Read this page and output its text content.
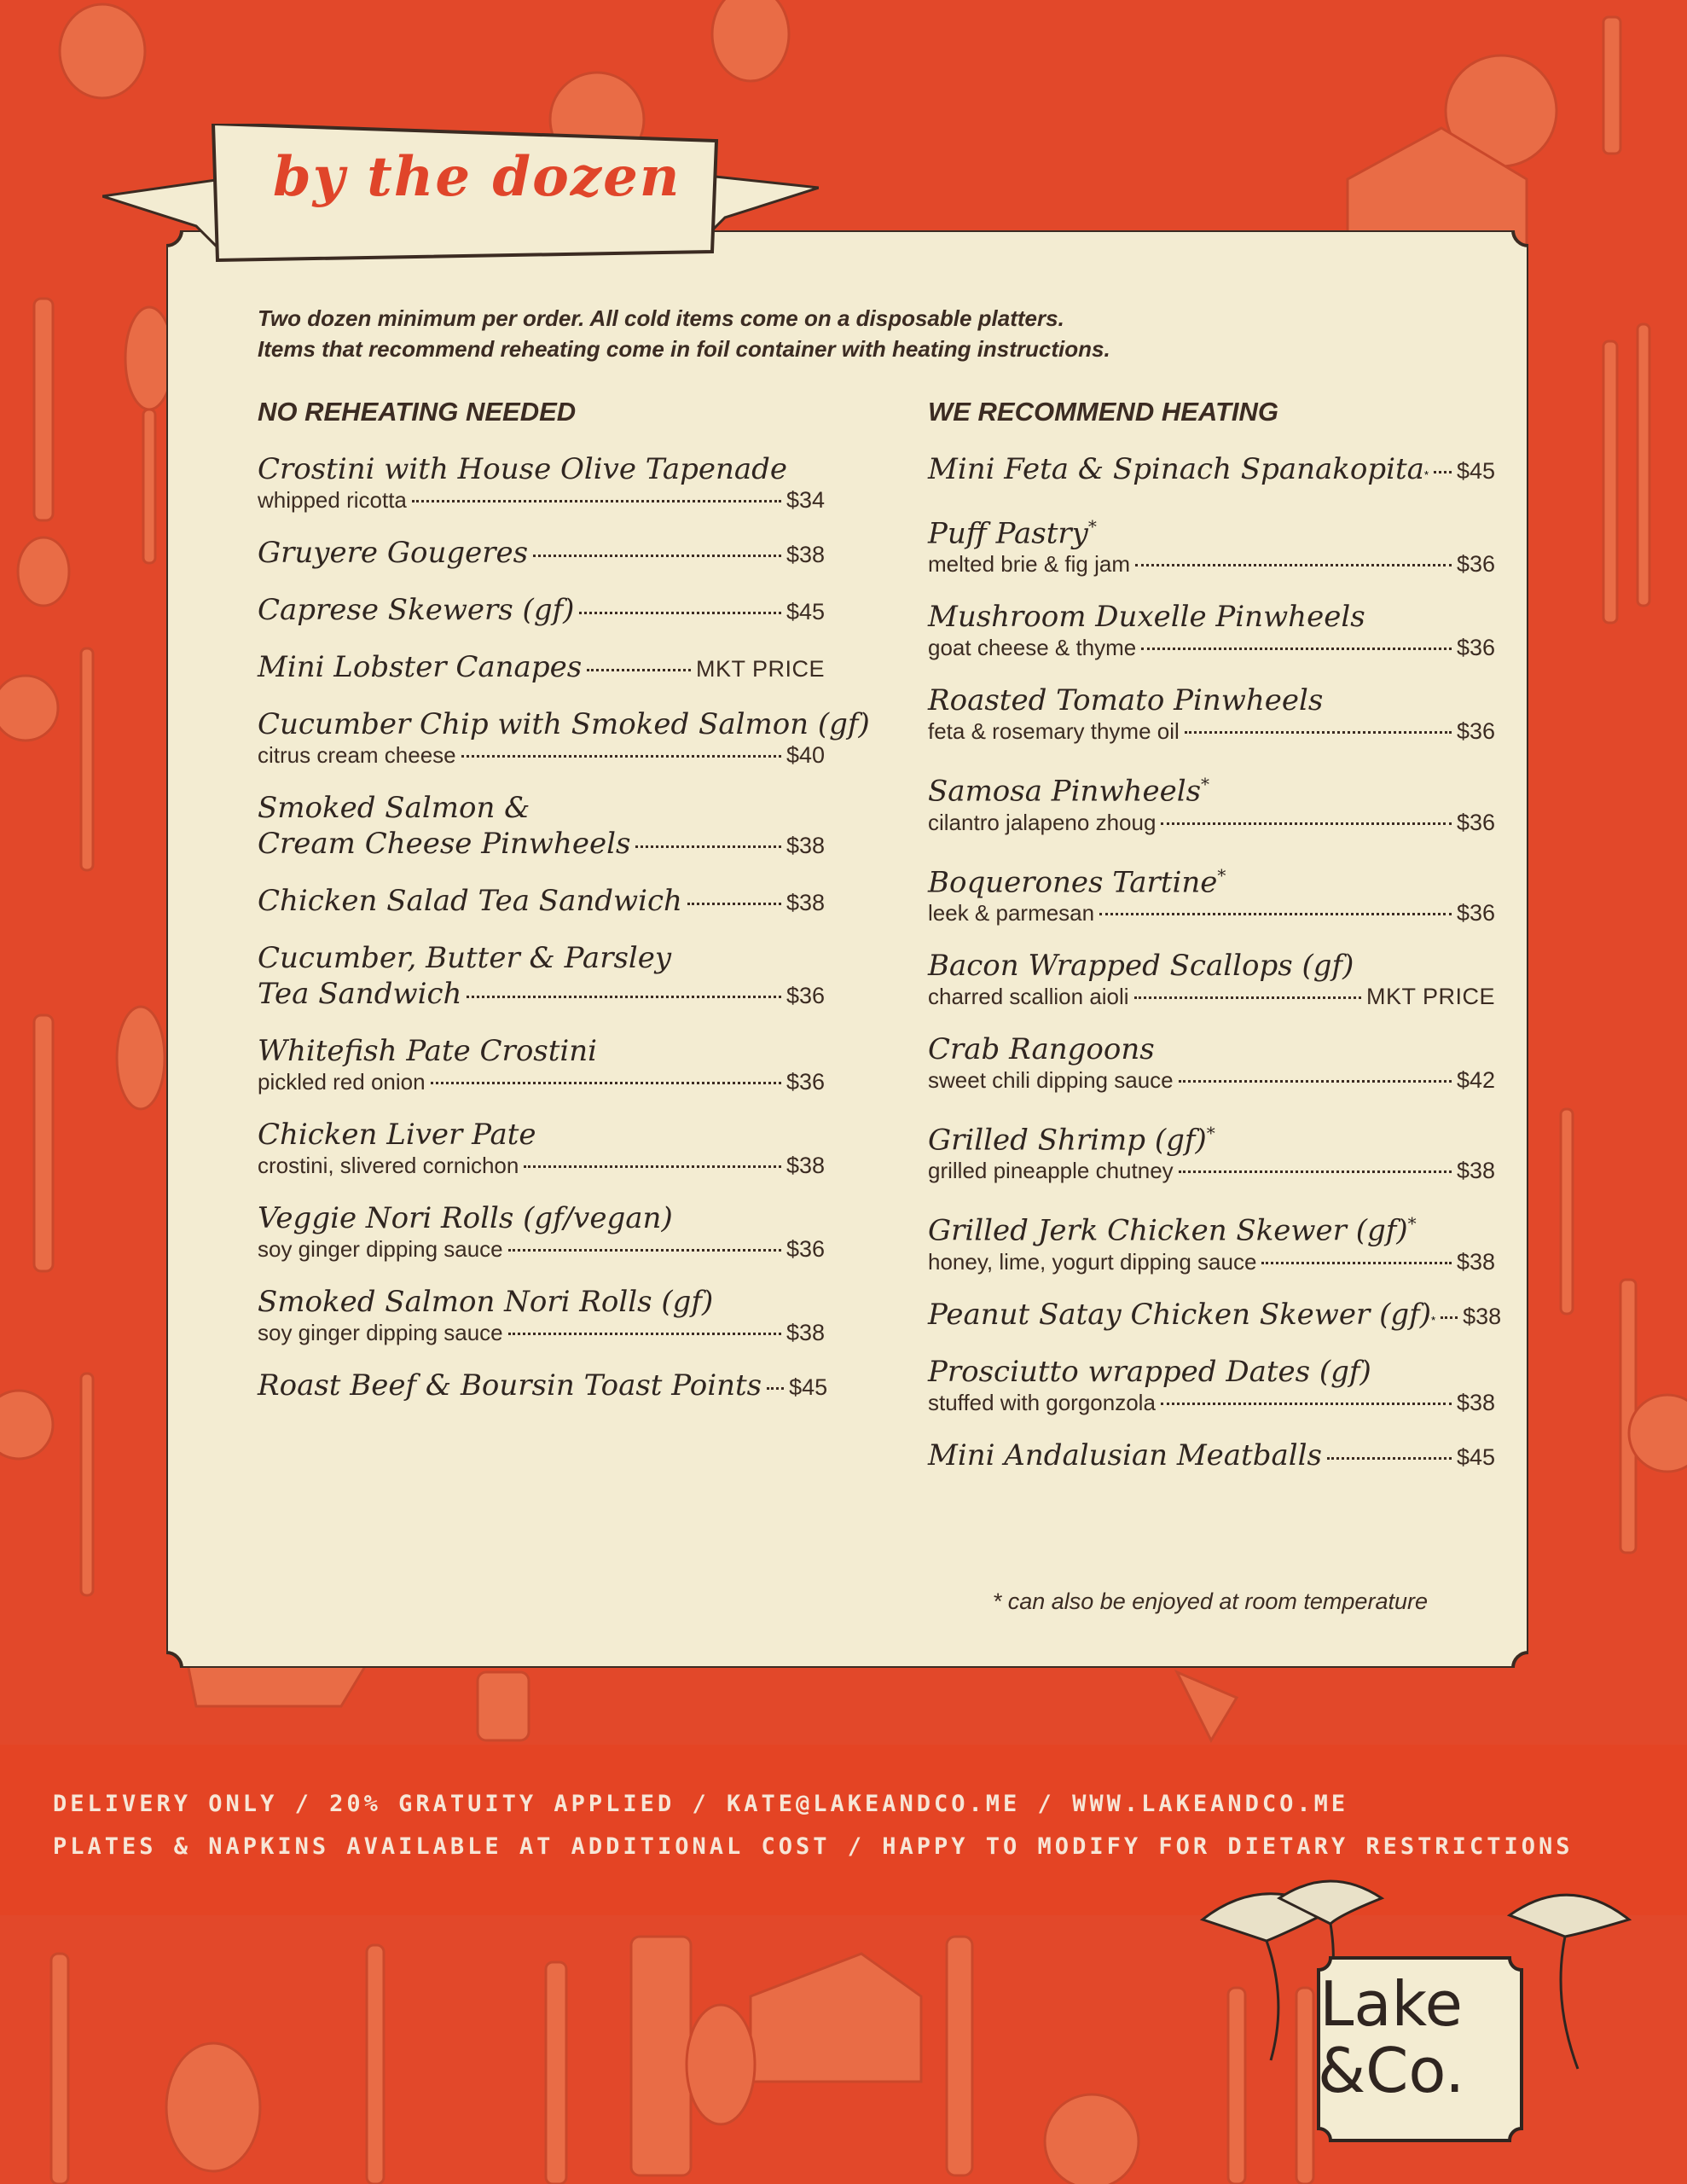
by the dozen
Two dozen minimum per order. All cold items come on a disposable platters.
Items that recommend reheating come in foil container with heating instructions.
NO REHEATING NEEDED
Crostini with House Olive Tapenade
whipped ricotta	$34
Gruyere Gougeres	$38
Caprese Skewers (gf)	$45
Mini Lobster Canapes	MKT PRICE
Cucumber Chip with Smoked Salmon (gf)
citrus cream cheese	$40
Smoked Salmon &
Cream Cheese Pinwheels	$38
Chicken Salad Tea Sandwich	$38
Cucumber, Butter & Parsley
Tea Sandwich	$36
Whitefish Pate Crostini
pickled red onion	$36
Chicken Liver Pate
crostini, slivered cornichon	$38
Veggie Nori Rolls (gf/vegan)
soy ginger dipping sauce	$36
Smoked Salmon Nori Rolls (gf)
soy ginger dipping sauce	$38
Roast Beef & Boursin Toast Points $45
WE RECOMMEND HEATING
Mini Feta & Spinach Spanakopita$_*$ $45
Puff Pastry*
melted brie & fig jam	$36
Mushroom Duxelle Pinwheels
goat cheese & thyme	$36
Roasted Tomato Pinwheels
feta & rosemary thyme oil	$36
Samosa Pinwheels*
cilantro jalapeno zhoug	$36
Boquerones Tartine*
leek & parmesan	$36
Bacon Wrapped Scallops (gf)
charred scallion aioli	MKT PRICE
Crab Rangoons
sweet chili dipping sauce	$42
Grilled Shrimp (gf)*
grilled pineapple chutney	$38
Grilled Jerk Chicken Skewer (gf)*
honey, lime, yogurt dipping sauce	$38
Peanut Satay Chicken Skewer $(gf)_*$ $38
Prosciutto wrapped Dates (gf)
stuffed with gorgonzola	$38
Mini Andalusian Meatballs	$45
* can also be enjoyed at room temperature
DELIVERY ONLY / 20% GRATUITY APPLIED / KATE@LAKEANDCO.ME / WWW.LAKEANDCO.ME
PLATES & NAPKINS AVAILABLE AT ADDITIONAL COST / HAPPY TO MODIFY FOR DIETARY RESTRICTIONS
Lake
&Co.
